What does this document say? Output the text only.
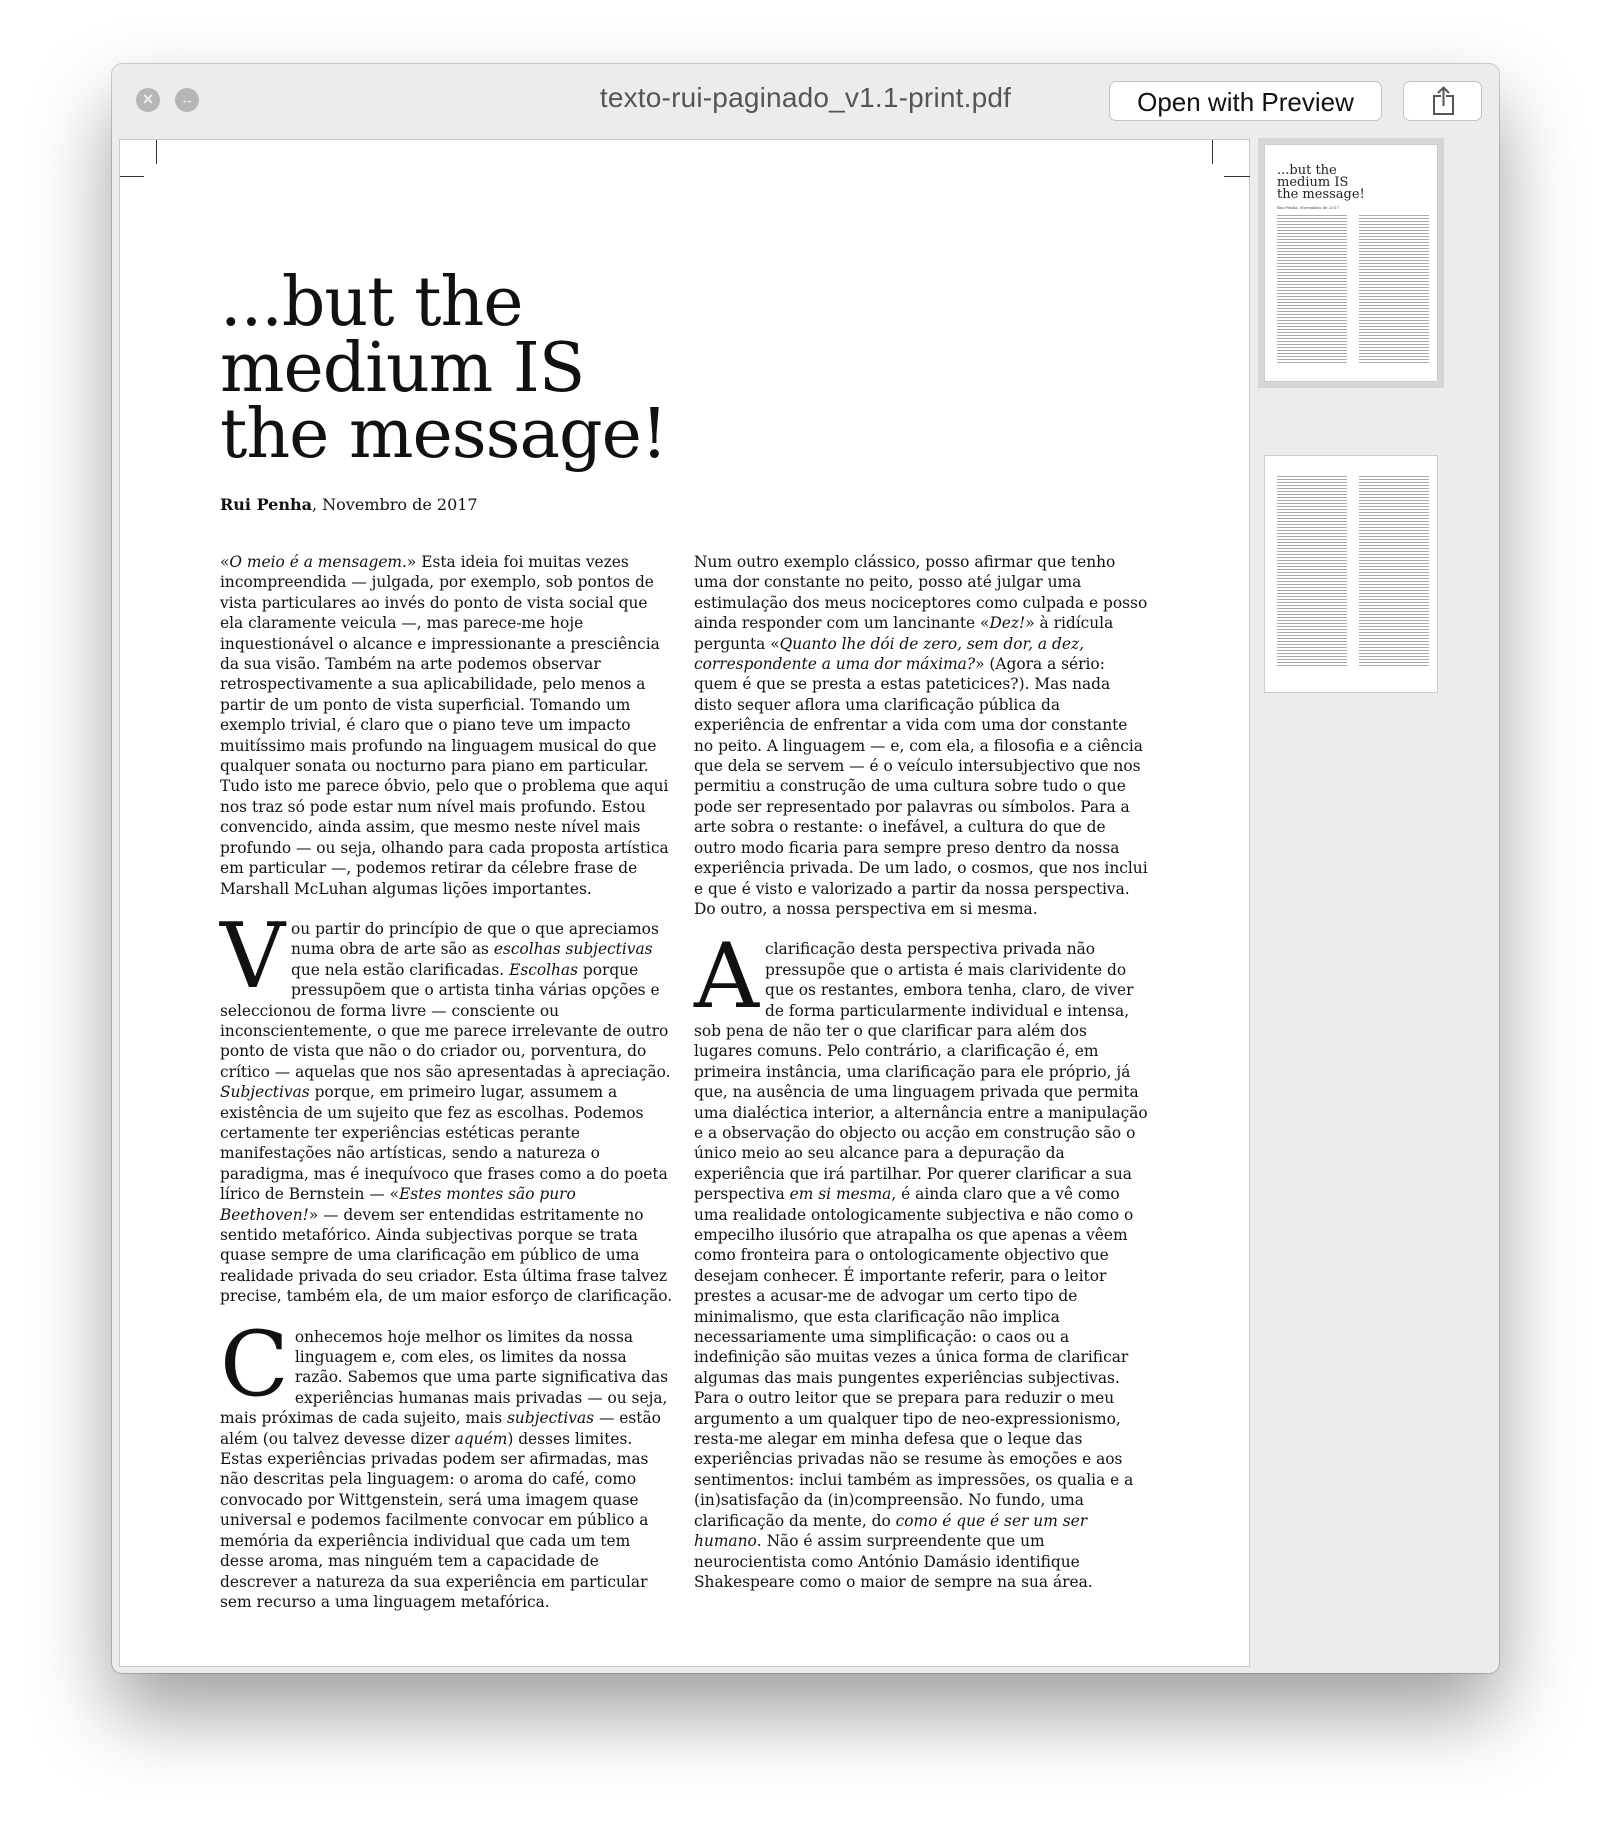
×	↔	texto-rui-paginado_v1.1-print.pdf	Open with Preview
...but the
medium IS
the message!
Rui Penha, Novembro de 2017

«O meio é a mensagem.» Esta ideia foi muitas vezes incompreendida — julgada, por exemplo, sob pontos de vista particulares ao invés do ponto de vista social que ela claramente veicula —, mas parece-me hoje inquestionável o alcance e impressionante a presciência da sua visão. Também na arte podemos observar retrospectivamente a sua aplicabilidade, pelo menos a partir de um ponto de vista superficial. Tomando um exemplo trivial, é claro que o piano teve um impacto muitíssimo mais profundo na linguagem musical do que qualquer sonata ou nocturno para piano em particular. Tudo isto me parece óbvio, pelo que o problema que aqui nos traz só pode estar num nível mais profundo. Estou convencido, ainda assim, que mesmo neste nível mais profundo — ou seja, olhando para cada proposta artística em particular —, podemos retirar da célebre frase de Marshall McLuhan algumas lições importantes.

Vou partir do princípio de que o que apreciamos numa obra de arte são as escolhas subjectivas que nela estão clarificadas. Escolhas porque pressupõem que o artista tinha várias opções e seleccionou de forma livre — consciente ou inconscientemente, o que me parece irrelevante de outro ponto de vista que não o do criador ou, porventura, do crítico — aquelas que nos são apresentadas à apreciação. Subjectivas porque, em primeiro lugar, assumem a existência de um sujeito que fez as escolhas. Podemos certamente ter experiências estéticas perante manifestações não artísticas, sendo a natureza o paradigma, mas é inequívoco que frases como a do poeta lírico de Bernstein — «Estes montes são puro Beethoven!» — devem ser entendidas estritamente no sentido metafórico. Ainda subjectivas porque se trata quase sempre de uma clarificação em público de uma realidade privada do seu criador. Esta última frase talvez precise, também ela, de um maior esforço de clarificação.

Conhecemos hoje melhor os limites da nossa linguagem e, com eles, os limites da nossa razão. Sabemos que uma parte significativa das experiências humanas mais privadas — ou seja, mais próximas de cada sujeito, mais subjectivas — estão além (ou talvez devesse dizer aquém) desses limites. Estas experiências privadas podem ser afirmadas, mas não descritas pela linguagem: o aroma do café, como convocado por Wittgenstein, será uma imagem quase universal e podemos facilmente convocar em público a memória da experiência individual que cada um tem desse aroma, mas ninguém tem a capacidade de descrever a natureza da sua experiência em particular sem recurso a uma linguagem metafórica.

Num outro exemplo clássico, posso afirmar que tenho uma dor constante no peito, posso até julgar uma estimulação dos meus nociceptores como culpada e posso ainda responder com um lancinante «Dez!» à ridícula pergunta «Quanto lhe dói de zero, sem dor, a dez, correspondente a uma dor máxima?» (Agora a sério: quem é que se presta a estas pateticices?). Mas nada disto sequer aflora uma clarificação pública da experiência de enfrentar a vida com uma dor constante no peito. A linguagem — e, com ela, a filosofia e a ciência que dela se servem — é o veículo intersubjectivo que nos permitiu a construção de uma cultura sobre tudo o que pode ser representado por palavras ou símbolos. Para a arte sobra o restante: o inefável, a cultura do que de outro modo ficaria para sempre preso dentro da nossa experiência privada. De um lado, o cosmos, que nos inclui e que é visto e valorizado a partir da nossa perspectiva. Do outro, a nossa perspectiva em si mesma.

A clarificação desta perspectiva privada não pressupõe que o artista é mais clarividente do que os restantes, embora tenha, claro, de viver de forma particularmente individual e intensa, sob pena de não ter o que clarificar para além dos lugares comuns. Pelo contrário, a clarificação é, em primeira instância, uma clarificação para ele próprio, já que, na ausência de uma linguagem privada que permita uma dialéctica interior, a alternância entre a manipulação e a observação do objecto ou acção em construção são o único meio ao seu alcance para a depuração da experiência que irá partilhar. Por querer clarificar a sua perspectiva em si mesma, é ainda claro que a vê como uma realidade ontologicamente subjectiva e não como o empecilho ilusório que atrapalha os que apenas a vêem como fronteira para o ontologicamente objectivo que desejam conhecer. É importante referir, para o leitor prestes a acusar-me de advogar um certo tipo de minimalismo, que esta clarificação não implica necessariamente uma simplificação: o caos ou a indefinição são muitas vezes a única forma de clarificar algumas das mais pungentes experiências subjectivas. Para o outro leitor que se prepara para reduzir o meu argumento a um qualquer tipo de neo-expressionismo, resta-me alegar em minha defesa que o leque das experiências privadas não se resume às emoções e aos sentimentos: inclui também as impressões, os qualia e a (in)satisfação da (in)compreensão. No fundo, uma clarificação da mente, do como é que é ser um ser humano. Não é assim surpreendente que um neurocientista como António Damásio identifique Shakespeare como o maior de sempre na sua área.

...but the
medium IS
the message!
Rui Penha, Novembro de 2017
